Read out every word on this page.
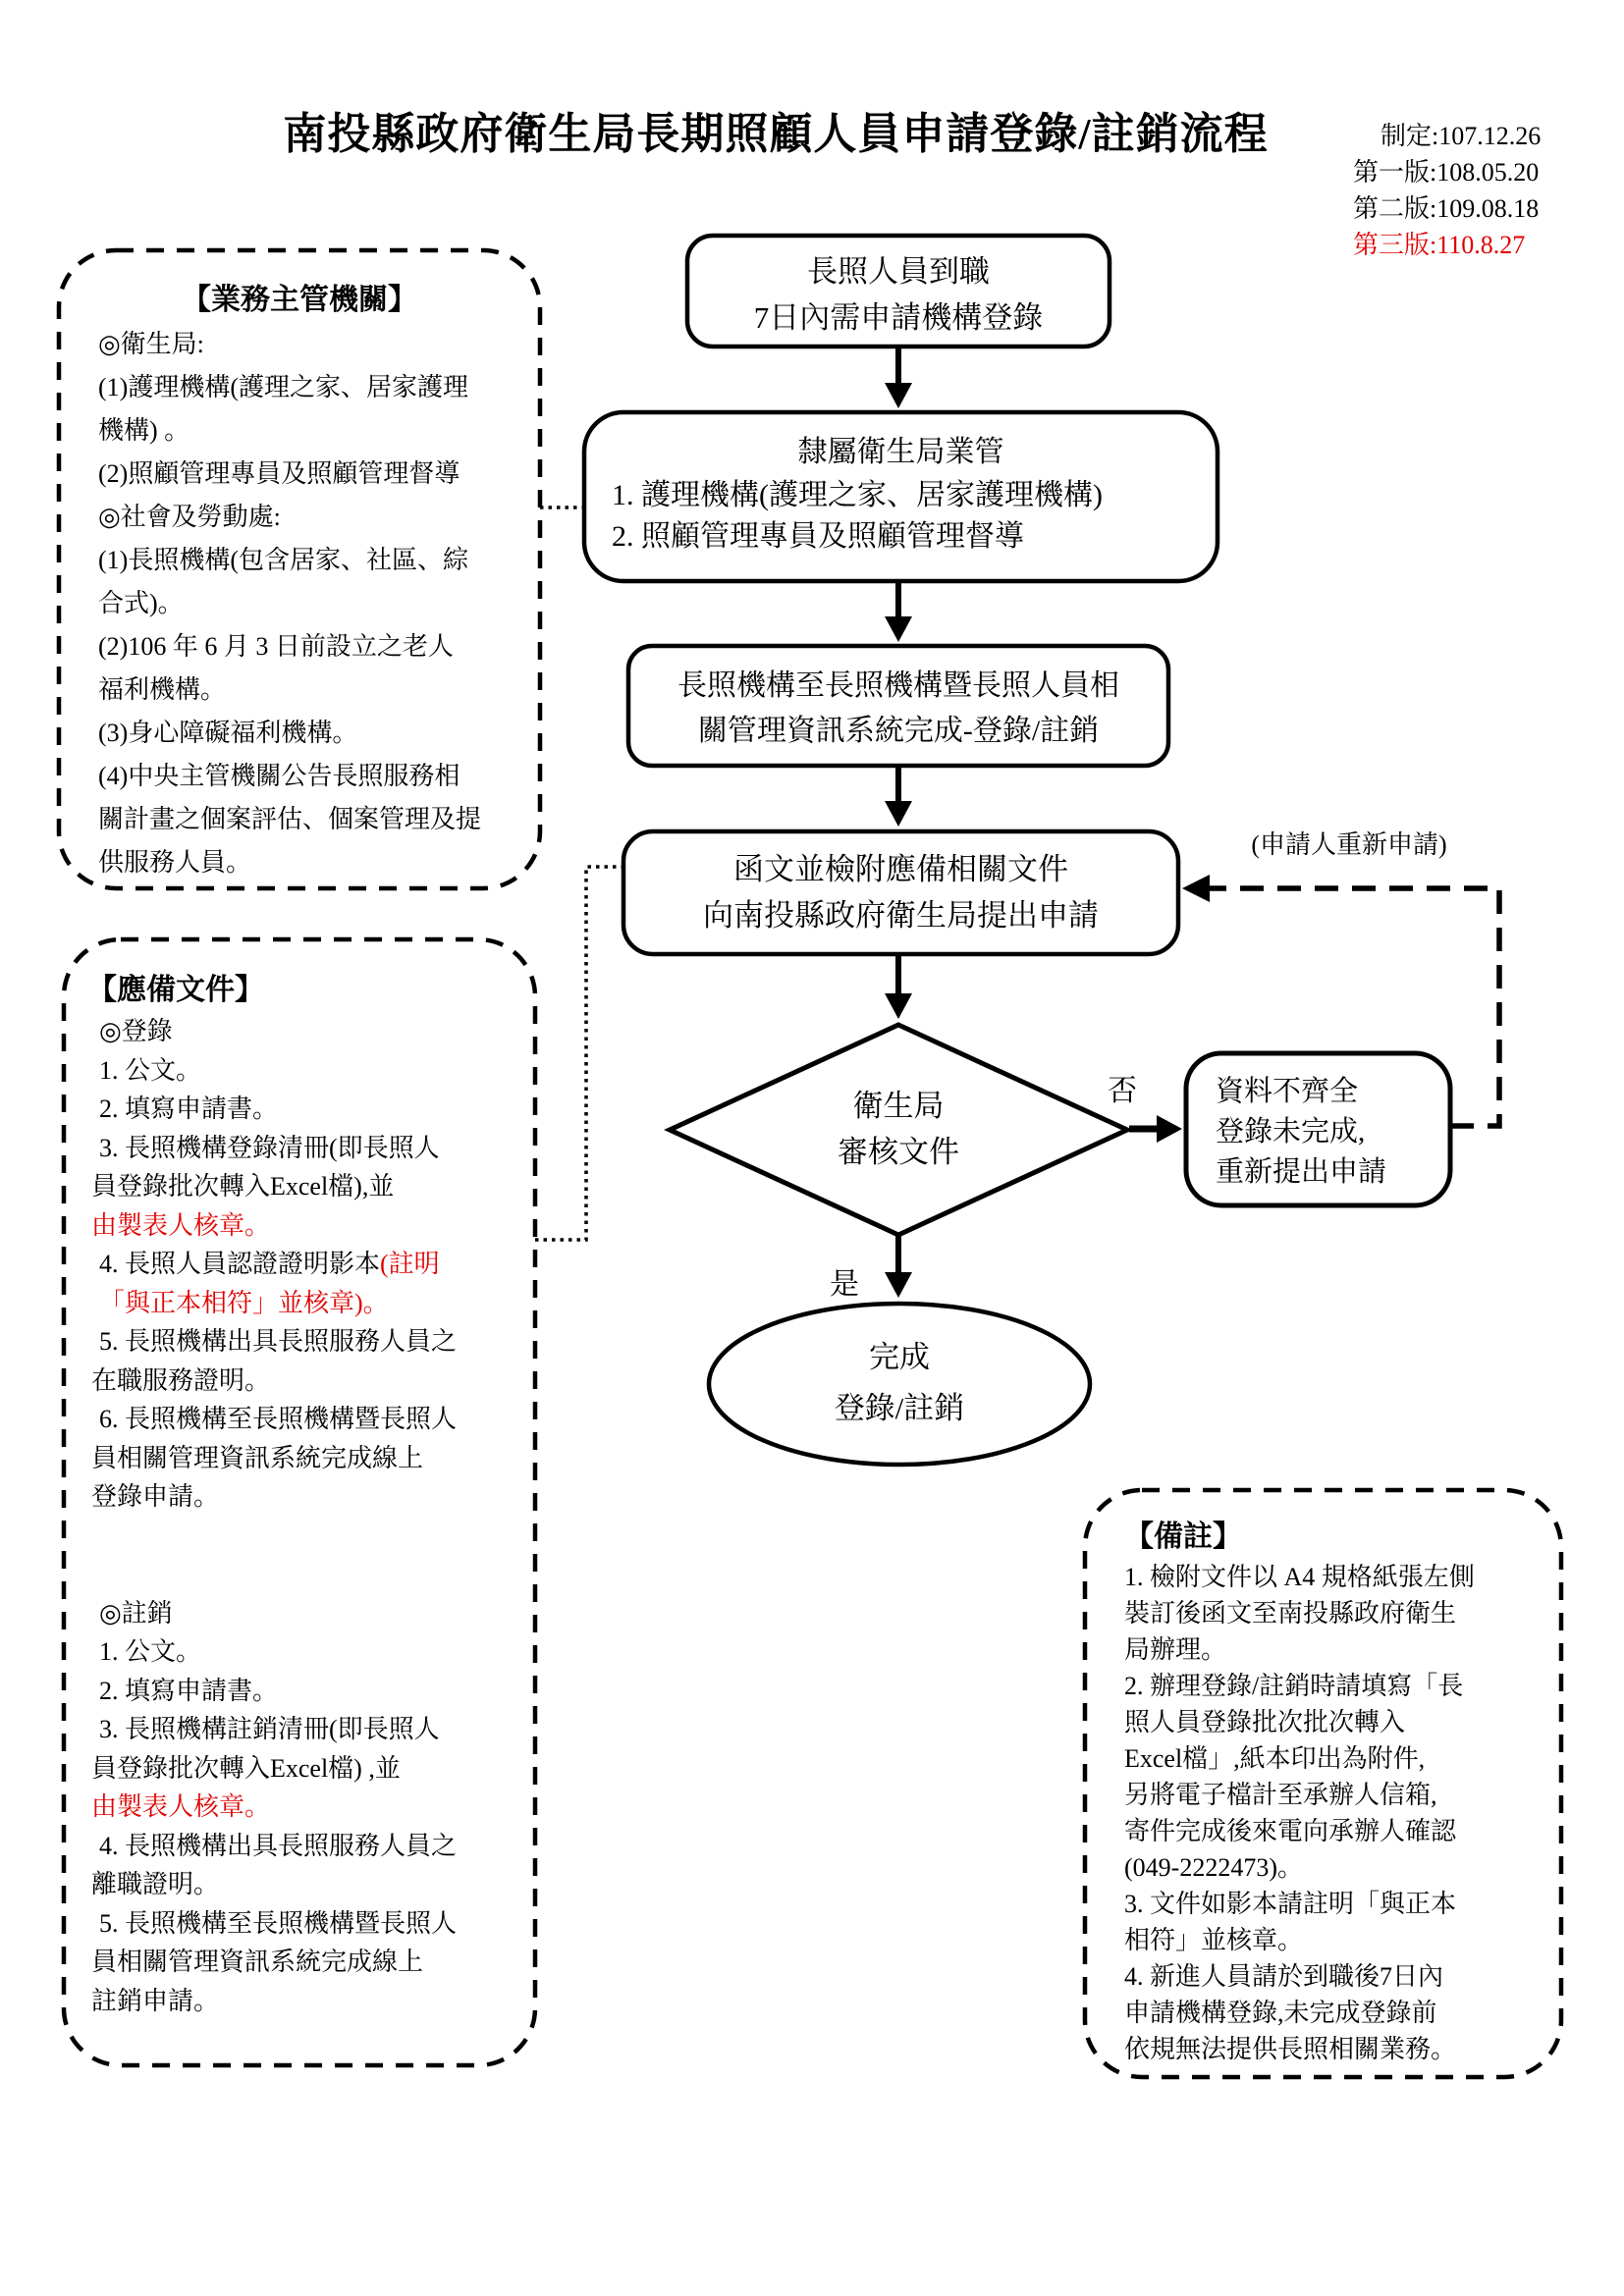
南投縣政府衛生局長期照顧人員申請登錄/註銷流程	制定:107.12.26
第一版:108.05.20
第二版:109.08.18
第三版:110.8.27
【業務主管機關】
◎衛生局:
(1)護理機構(護理之家、居家護理
機構) 。
(2)照顧管理專員及照顧管理督導
◎社會及勞動處:
(1)長照機構(包含居家、社區、綜
合式)。
(2)106 年 6 月 3 日前設立之老人
福利機構。
(3)身心障礙福利機構。
(4)中央主管機關公告長照服務相
關計畫之個案評估、個案管理及提
供服務人員。
【應備文件】
◎登錄
1. 公文。
2. 填寫申請書。
3. 長照機構登錄清冊(即長照人
員登錄批次轉入Excel檔),並
由製表人核章。
4. 長照人員認證證明影本(註明
「與正本相符」並核章)。
5. 長照機構出具長照服務人員之
在職服務證明。
6. 長照機構至長照機構暨長照人
員相關管理資訊系統完成線上
登錄申請。
◎註銷
1. 公文。
2. 填寫申請書。
3. 長照機構註銷清冊(即長照人
員登錄批次轉入Excel檔) ,並
由製表人核章。
4. 長照機構出具長照服務人員之
離職證明。
5. 長照機構至長照機構暨長照人
員相關管理資訊系統完成線上
註銷申請。
【備註】
1. 檢附文件以 A4 規格紙張左側
裝訂後函文至南投縣政府衛生
局辦理。
2. 辦理登錄/註銷時請填寫「長
照人員登錄批次批次轉入
Excel檔」,紙本印出為附件,
另將電子檔計至承辦人信箱,
寄件完成後來電向承辦人確認
(049-2222473)。
3. 文件如影本請註明「與正本
相符」並核章。
4. 新進人員請於到職後7日內
申請機構登錄,未完成登錄前
依規無法提供長照相關業務。
長照人員到職
7日內需申請機構登錄
隸屬衛生局業管
1. 護理機構(護理之家、居家護理機構)
2. 照顧管理專員及照顧管理督導
長照機構至長照機構暨長照人員相
關管理資訊系統完成-登錄/註銷
函文並檢附應備相關文件
向南投縣政府衛生局提出申請
衛生局
審核文件
資料不齊全
登錄未完成,
重新提出申請
完成
登錄/註銷
否
是
(申請人重新申請)
